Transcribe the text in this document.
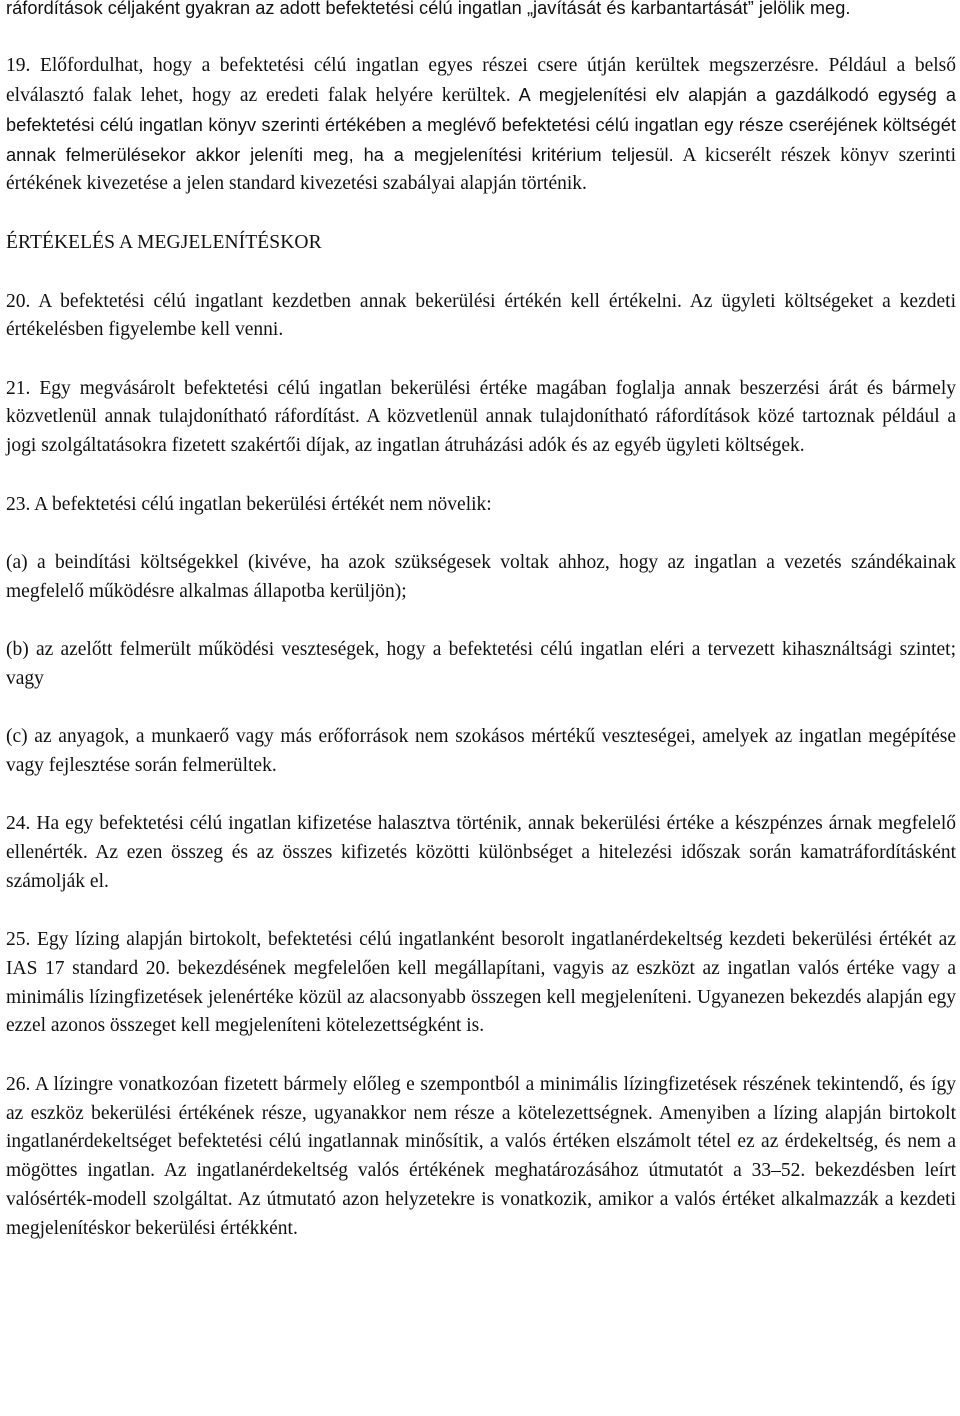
ráfordítások céljaként gyakran az adott befektetési célú ingatlan „javítását és karbantartását” jelölik meg.

19. Előfordulhat, hogy a befektetési célú ingatlan egyes részei csere útján kerültek megszerzésre. Például a belső elválasztó falak lehet, hogy az eredeti falak helyére kerültek. A megjelenítési elv alapján a gazdálkodó egység a befektetési célú ingatlan könyv szerinti értékében a meglévő befektetési célú ingatlan egy része cseréjének költségét annak felmerülésekor akkor jeleníti meg, ha a megjelenítési kritérium teljesül. A kicserélt részek könyv szerinti értékének kivezetése a jelen standard kivezetési szabályai alapján történik.

ÉRTÉKELÉS A MEGJELENÍTÉSKOR

20. A befektetési célú ingatlant kezdetben annak bekerülési értékén kell értékelni. Az ügyleti költségeket a kezdeti értékelésben figyelembe kell venni.

21. Egy megvásárolt befektetési célú ingatlan bekerülési értéke magában foglalja annak beszerzési árát és bármely közvetlenül annak tulajdonítható ráfordítást. A közvetlenül annak tulajdonítható ráfordítások közé tartoznak például a jogi szolgáltatásokra fizetett szakértői díjak, az ingatlan átruházási adók és az egyéb ügyleti költségek.

23. A befektetési célú ingatlan bekerülési értékét nem növelik:

(a) a beindítási költségekkel (kivéve, ha azok szükségesek voltak ahhoz, hogy az ingatlan a vezetés szándékainak megfelelő működésre alkalmas állapotba kerüljön);

(b) az azelőtt felmerült működési veszteségek, hogy a befektetési célú ingatlan eléri a tervezett kihasználtsági szintet; vagy

(c) az anyagok, a munkaerő vagy más erőforrások nem szokásos mértékű veszteségei, amelyek az ingatlan megépítése vagy fejlesztése során felmerültek.

24. Ha egy befektetési célú ingatlan kifizetése halasztva történik, annak bekerülési értéke a készpénzes árnak megfelelő ellenérték. Az ezen összeg és az összes kifizetés közötti különbséget a hitelezési időszak során kamatráfordításként számolják el.

25. Egy lízing alapján birtokolt, befektetési célú ingatlanként besorolt ingatlanérdekeltség kezdeti bekerülési értékét az IAS 17 standard 20. bekezdésének megfelelően kell megállapítani, vagyis az eszközt az ingatlan valós értéke vagy a minimális lízingfizetések jelenértéke közül az alacsonyabb összegen kell megjeleníteni. Ugyanezen bekezdés alapján egy ezzel azonos összeget kell megjeleníteni kötelezettségként is.

26. A lízingre vonatkozóan fizetett bármely előleg e szempontból a minimális lízingfizetések részének tekintendő, és így az eszköz bekerülési értékének része, ugyanakkor nem része a kötelezettségnek. Amenyiben a lízing alapján birtokolt ingatlanérdekeltséget befektetési célú ingatlannak minősítik, a valós értéken elszámolt tétel ez az érdekeltség, és nem a mögöttes ingatlan. Az ingatlanérdekeltség valós értékének meghatározásához útmutatót a 33–52. bekezdésben leírt valósérték-modell szolgáltat. Az útmutató azon helyzetekre is vonatkozik, amikor a valós értéket alkalmazzák a kezdeti megjelenítéskor bekerülési értékként.
